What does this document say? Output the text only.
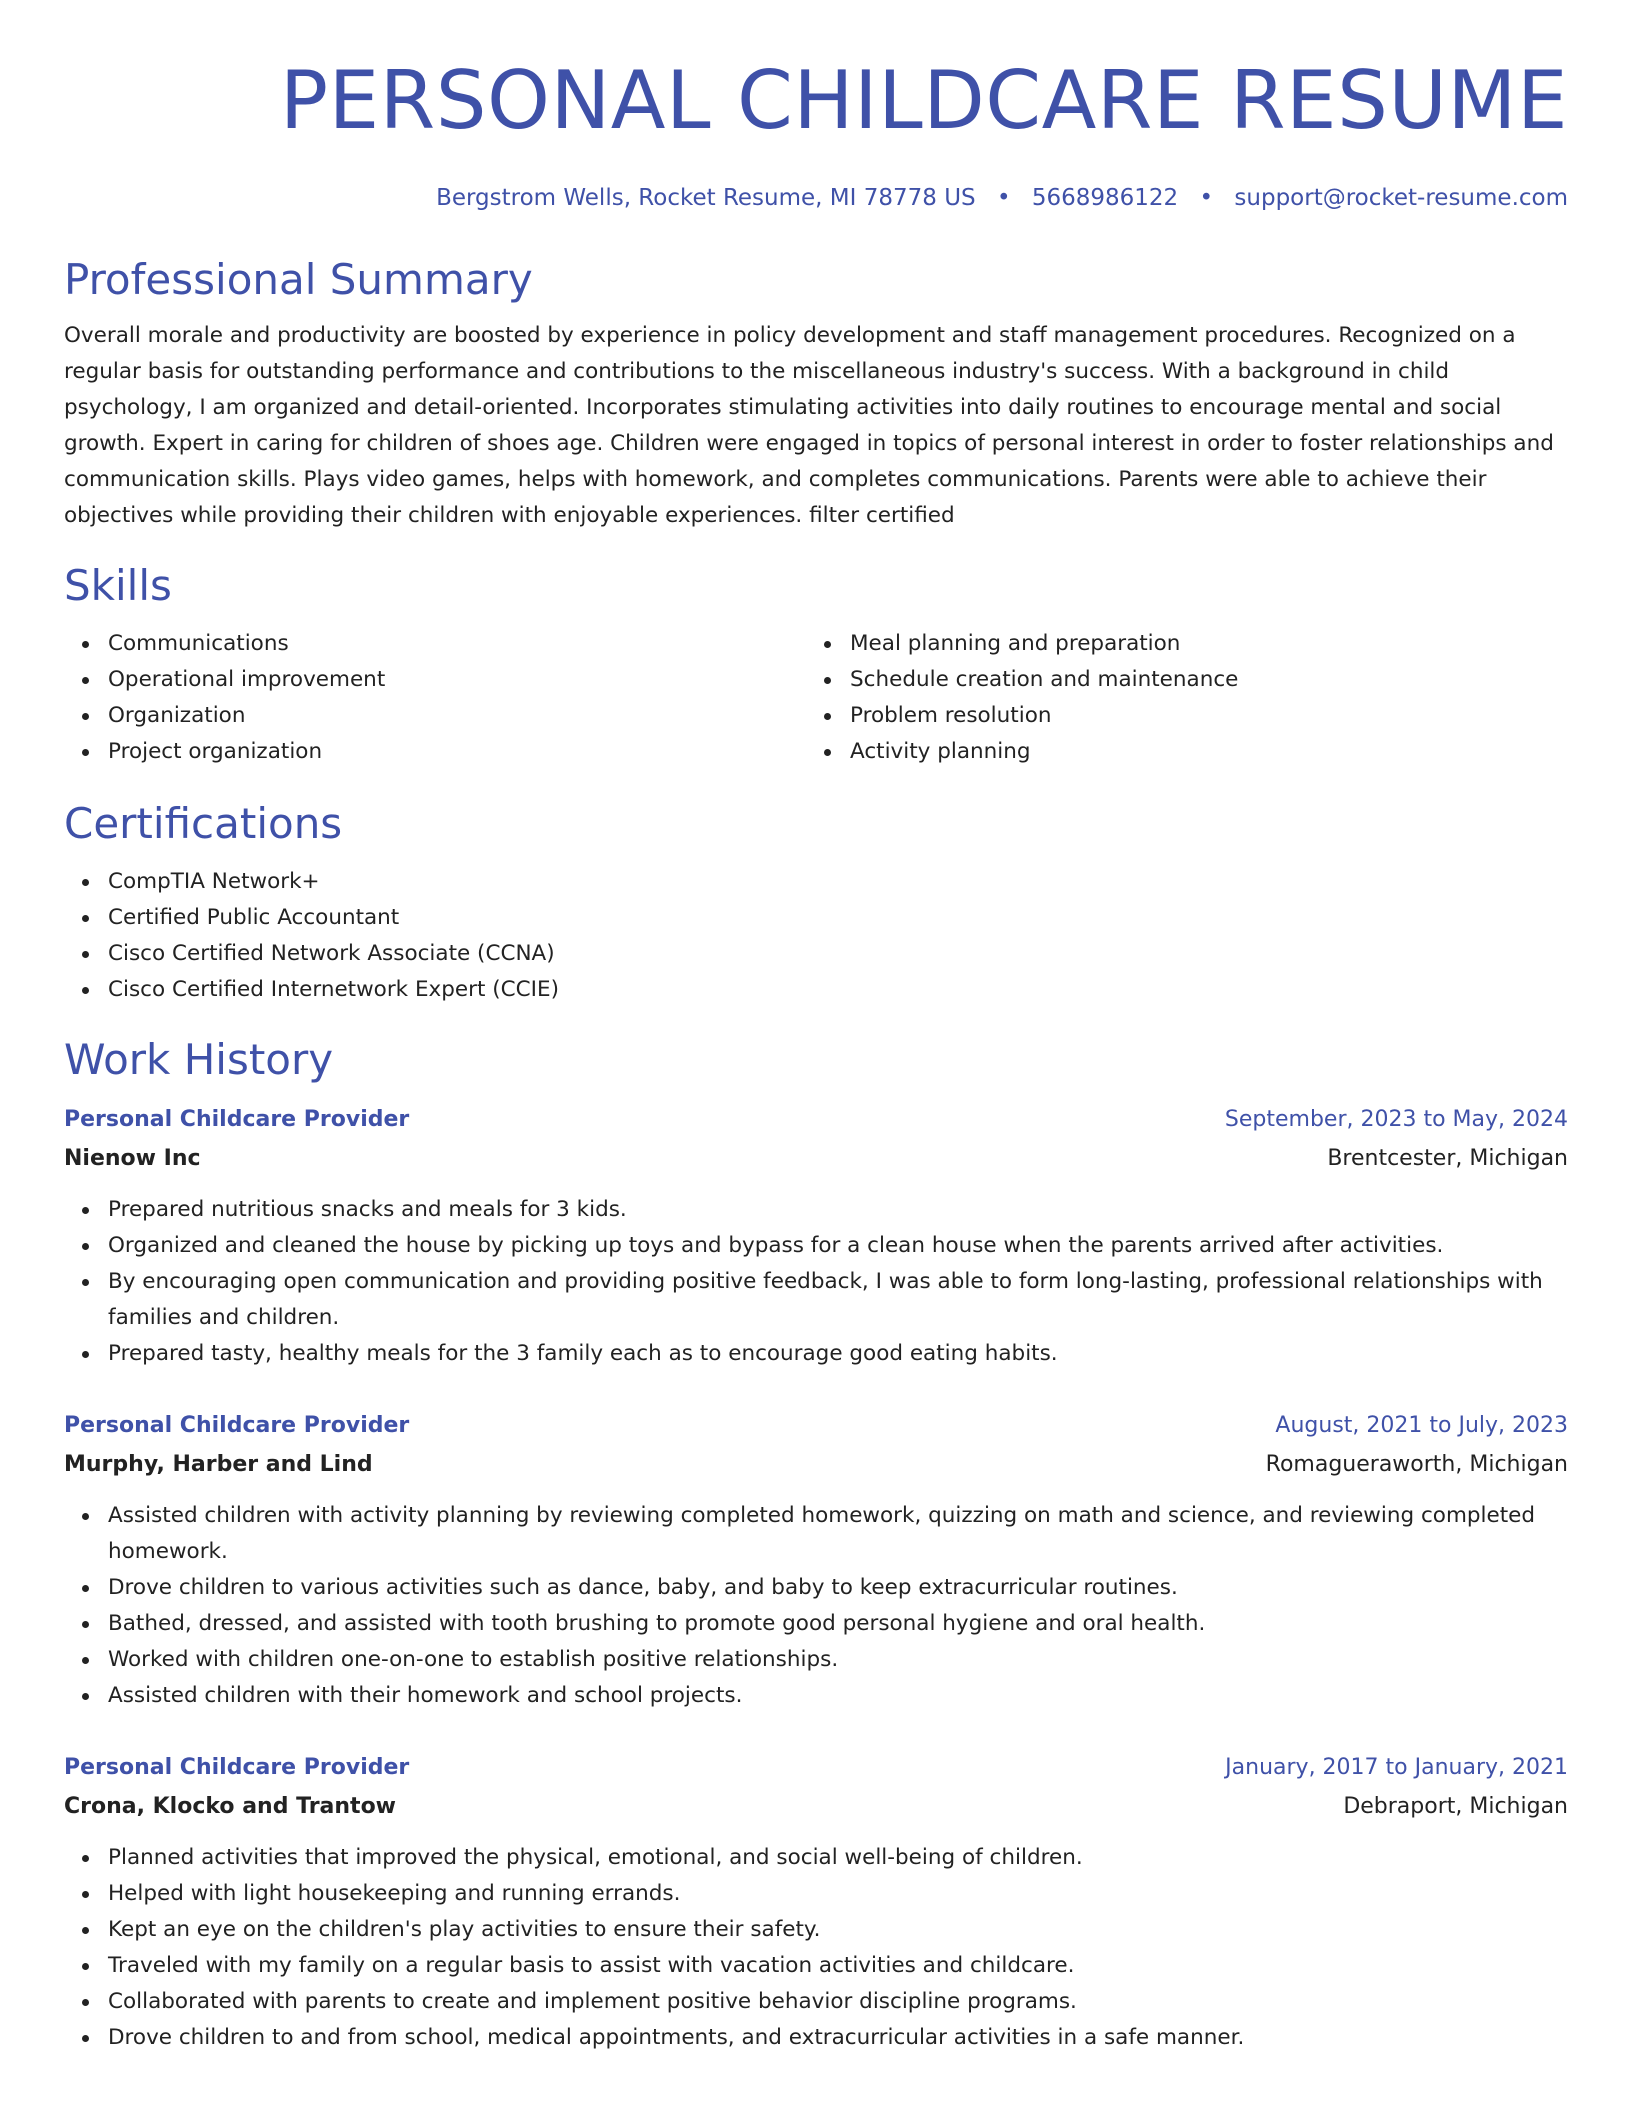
PERSONAL CHILDCARE RESUME
Bergstrom Wells, Rocket Resume, MI 78778 US • 5668986122 • support@rocket-resume.com
Professional Summary

Overall morale and productivity are boosted by experience in policy development and staff management procedures. Recognized on a regular basis for outstanding performance and contributions to the miscellaneous industry's success. With a background in child psychology, I am organized and detail-oriented. Incorporates stimulating activities into daily routines to encourage mental and social growth. Expert in caring for children of shoes age. Children were engaged in topics of personal interest in order to foster relationships and communication skills. Plays video games, helps with homework, and completes communications. Parents were able to achieve their objectives while providing their children with enjoyable experiences. filter certified

Skills
Communications
Operational improvement
Organization
Project organization
Meal planning and preparation
Schedule creation and maintenance
Problem resolution
Activity planning
Certifications
CompTIA Network+
Certified Public Accountant
Cisco Certified Network Associate (CCNA)
Cisco Certified Internetwork Expert (CCIE)
Work History
Personal Childcare Provider	September, 2023 to May, 2024
Nienow Inc	Brentcester, Michigan
Prepared nutritious snacks and meals for 3 kids.
Organized and cleaned the house by picking up toys and bypass for a clean house when the parents arrived after activities.
By encouraging open communication and providing positive feedback, I was able to form long-lasting, professional relationships with families and children.
Prepared tasty, healthy meals for the 3 family each as to encourage good eating habits.
Personal Childcare Provider	August, 2021 to July, 2023
Murphy, Harber and Lind	Romagueraworth, Michigan
Assisted children with activity planning by reviewing completed homework, quizzing on math and science, and reviewing completed homework.
Drove children to various activities such as dance, baby, and baby to keep extracurricular routines.
Bathed, dressed, and assisted with tooth brushing to promote good personal hygiene and oral health.
Worked with children one-on-one to establish positive relationships.
Assisted children with their homework and school projects.
Personal Childcare Provider	January, 2017 to January, 2021
Crona, Klocko and Trantow	Debraport, Michigan
Planned activities that improved the physical, emotional, and social well-being of children.
Helped with light housekeeping and running errands.
Kept an eye on the children's play activities to ensure their safety.
Traveled with my family on a regular basis to assist with vacation activities and childcare.
Collaborated with parents to create and implement positive behavior discipline programs.
Drove children to and from school, medical appointments, and extracurricular activities in a safe manner.
